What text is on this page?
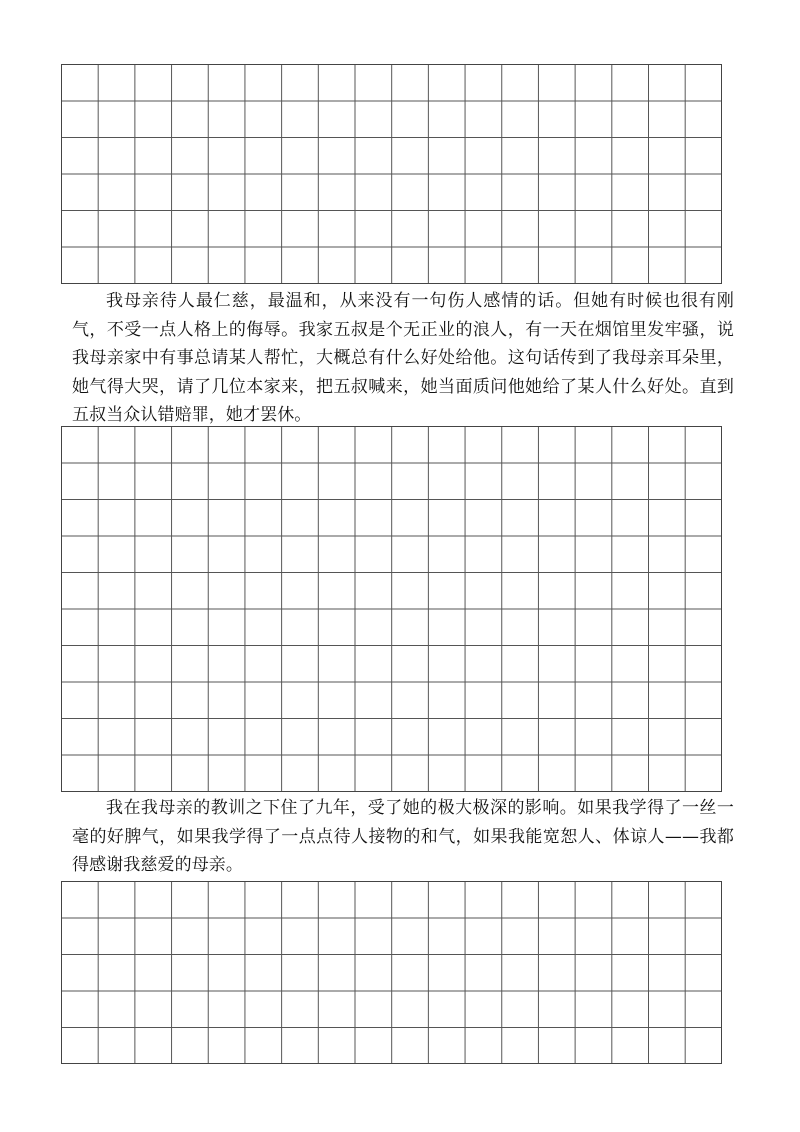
我母亲待人最仁慈，最温和，从来没有一句伤人感情的话。但她有时候也很有刚气，不受一点人格上的侮辱。我家五叔是个无正业的浪人，有一天在烟馆里发牢骚，说我母亲家中有事总请某人帮忙，大概总有什么好处给他。这句话传到了我母亲耳朵里，她气得大哭，请了几位本家来，把五叔喊来，她当面质问他她给了某人什么好处。直到五叔当众认错赔罪，她才罢休。

我在我母亲的教训之下住了九年，受了她的极大极深的影响。如果我学得了一丝一毫的好脾气，如果我学得了一点点待人接物的和气，如果我能宽恕人、体谅人——我都得感谢我慈爱的母亲。
